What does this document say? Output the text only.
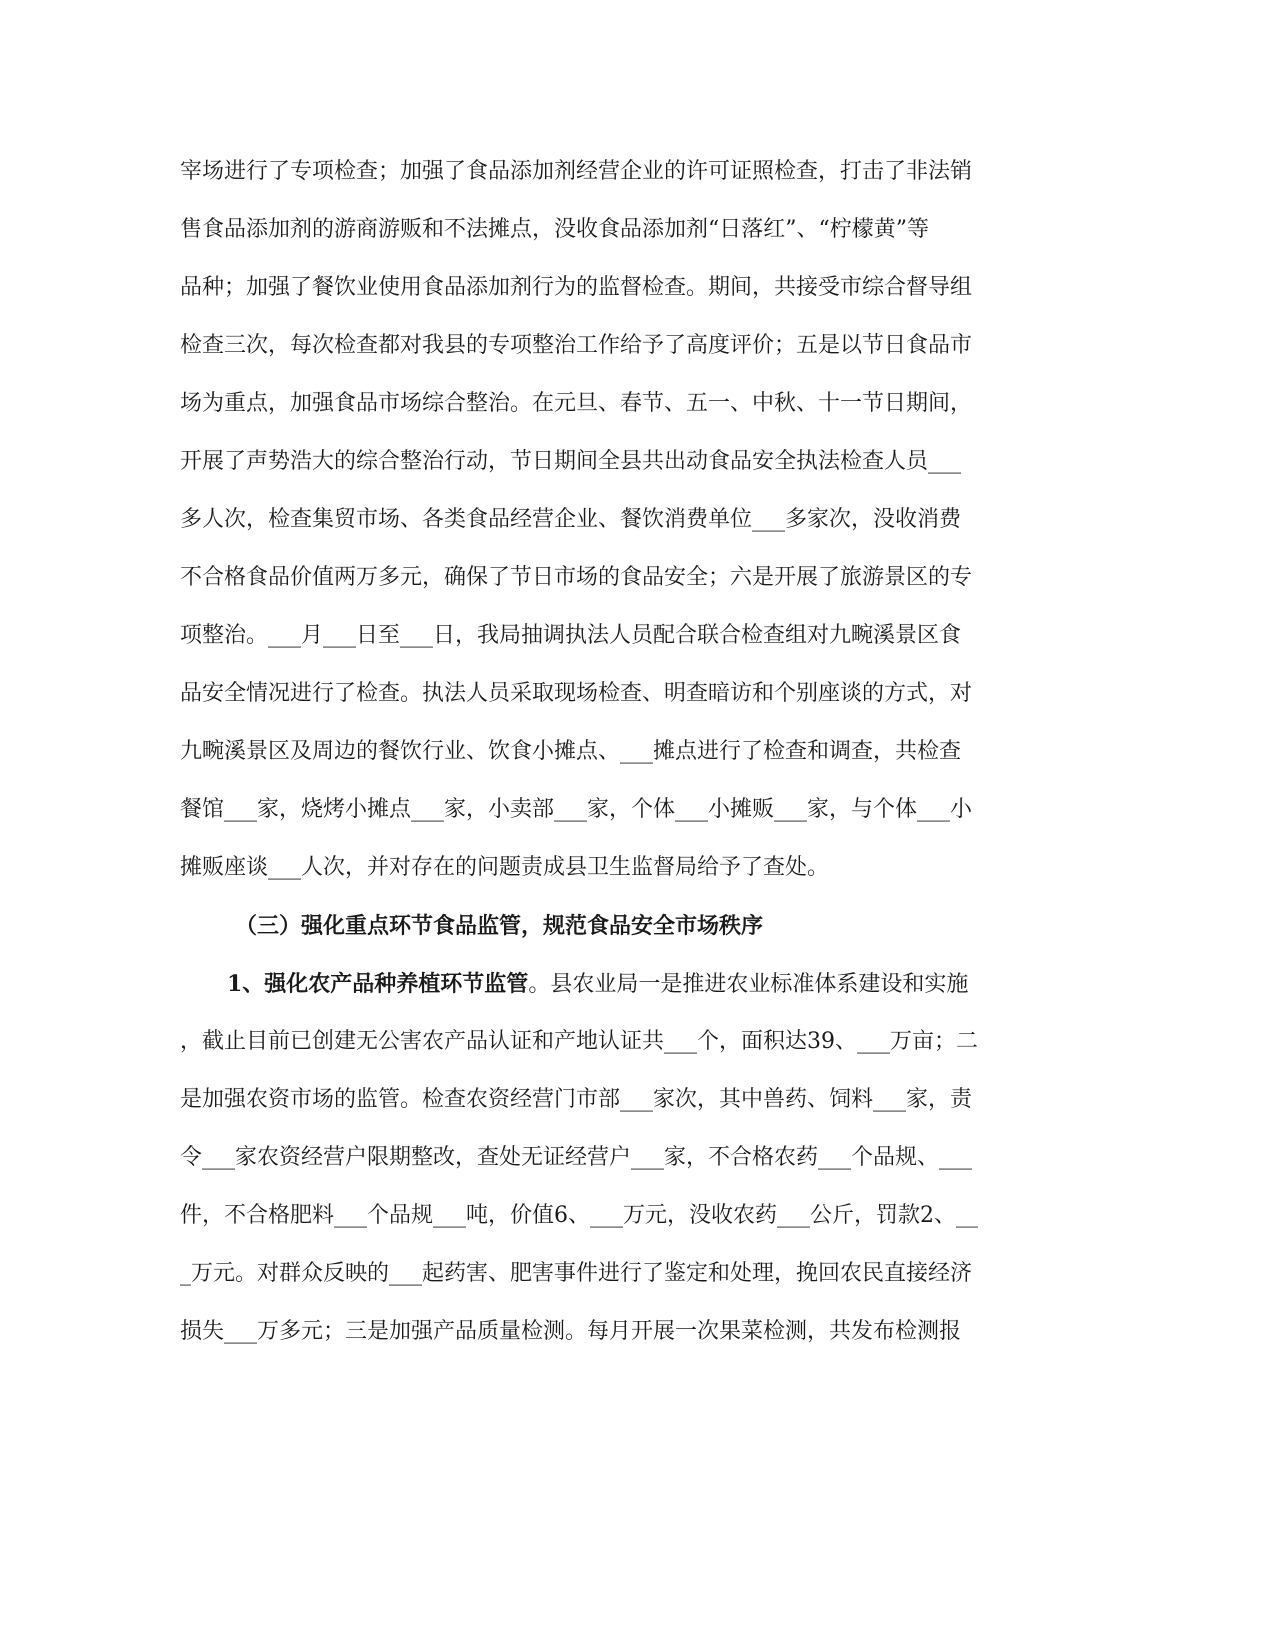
宰场进行了专项检查；加强了食品添加剂经营企业的许可证照检查，打击了非法销
售食品添加剂的游商游贩和不法摊点，没收食品添加剂“日落红”、“柠檬黄”等
品种；加强了餐饮业使用食品添加剂行为的监督检查。期间，共接受市综合督导组
检查三次，每次检查都对我县的专项整治工作给予了高度评价；五是以节日食品市
场为重点，加强食品市场综合整治。在元旦、春节、五一、中秋、十一节日期间，
开展了声势浩大的综合整治行动，节日期间全县共出动食品安全执法检查人员___
多人次，检查集贸市场、各类食品经营企业、餐饮消费单位___多家次，没收消费
不合格食品价值两万多元，确保了节日市场的食品安全；六是开展了旅游景区的专
项整治。___月___日至___日，我局抽调执法人员配合联合检查组对九畹溪景区食
品安全情况进行了检查。执法人员采取现场检查、明查暗访和个别座谈的方式，对
九畹溪景区及周边的餐饮行业、饮食小摊点、___摊点进行了检查和调查，共检查
餐馆___家，烧烤小摊点___家，小卖部___家，个体___小摊贩___家，与个体___小
摊贩座谈___人次，并对存在的问题责成县卫生监督局给予了查处。
（三）强化重点环节食品监管，规范食品安全市场秩序
1、强化农产品种养植环节监管。县农业局一是推进农业标准体系建设和实施
，截止目前已创建无公害农产品认证和产地认证共___个，面积达39、___万亩；二
是加强农资市场的监管。检查农资经营门市部___家次，其中兽药、饲料___家，责
令___家农资经营户限期整改，查处无证经营户___家，不合格农药___个品规、___
件，不合格肥料___个品规___吨，价值6、___万元，没收农药___公斤，罚款2、__
_万元。对群众反映的___起药害、肥害事件进行了鉴定和处理，挽回农民直接经济
损失___万多元；三是加强产品质量检测。每月开展一次果菜检测，共发布检测报
